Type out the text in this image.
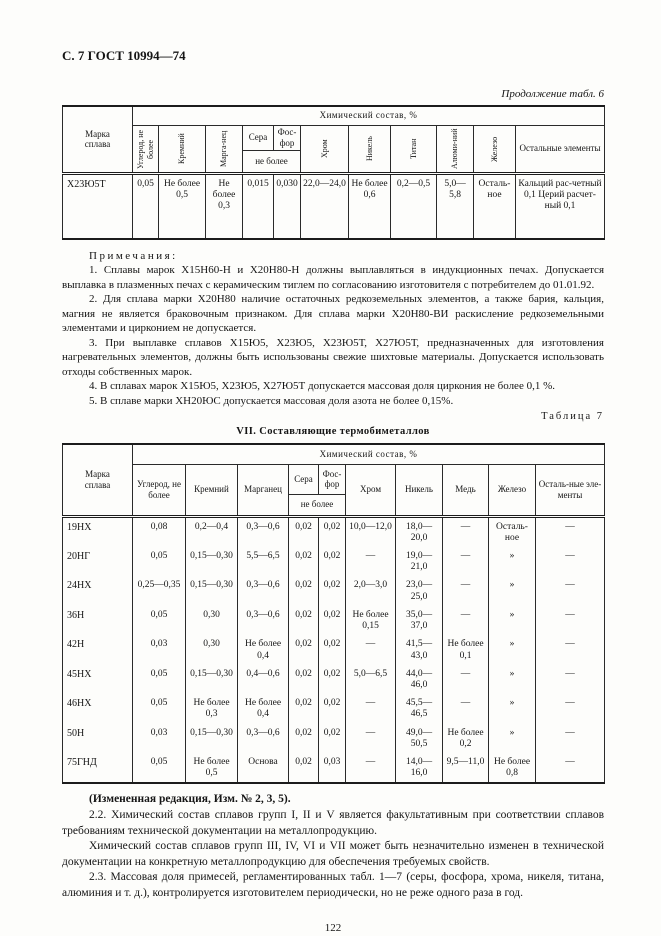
С. 7 ГОСТ 10994—74
Продолжение табл. 6
Марка сплава	Химический состав, %										

	Углерод, не более	Кремний	Марга-нец	Сера	Фос-фор	Хром	Никель	Титан	Алюми-ний	Железо	Остальные элементы
				не более							
Х23Ю5Т	0,05	Не более 0,5	Не более 0,3	0,015	0,030	22,0—24,0	Не более 0,6	0,2—0,5	5,0—5,8	Осталь-ное	Кальций рас-четный 0,1 Церий расчет-ный 0,1

Примечания:

1. Сплавы марок Х15Н60-Н и Х20Н80-Н должны выплавляться в индукционных печах. Допускается выплавка в плазменных печах с керамическим тиглем по согласованию изготовителя с потребителем до 01.01.92.

2. Для сплава марки Х20Н80 наличие остаточных редкоземельных элементов, а также бария, кальция, магния не является браковочным признаком. Для сплава марки Х20Н80-ВИ раскисление редкоземельными элементами и цирконием не допускается.

3. При выплавке сплавов Х15Ю5, Х23Ю5, Х23Ю5Т, Х27Ю5Т, предназначенных для изготовления нагревательных элементов, должны быть использованы свежие шихтовые материалы. Допускается использовать отходы собственных марок.

4. В сплавах марок Х15Ю5, Х23Ю5, Х27Ю5Т допускается массовая доля циркония не более 0,1 %.

5. В сплаве марки ХН20ЮС допускается массовая доля азота не более 0,15%.

Таблица 7
VII. Составляющие термобиметаллов
Марка сплава	Химический состав, %									
	Углерод, не более	Кремний	Марганец	Сера	Фос-фор	Хром	Никель	Медь	Железо	Осталь-ные эле-менты
				не более						
19НХ	0,08	0,2—0,4	0,3—0,6	0,02	0,02	10,0—12,0	18,0—20,0	—	Осталь-ное	—
20НГ	0,05	0,15—0,30	5,5—6,5	0,02	0,02	—	19,0—21,0	—	»	—
24НХ	0,25—0,35	0,15—0,30	0,3—0,6	0,02	0,02	2,0—3,0	23,0—25,0	—	»	—
36Н	0,05	0,30	0,3—0,6	0,02	0,02	Не более 0,15	35,0—37,0	—	»	—
42Н	0,03	0,30	Не более 0,4	0,02	0,02	—	41,5—43,0	Не более 0,1	»	—
45НХ	0,05	0,15—0,30	0,4—0,6	0,02	0,02	5,0—6,5	44,0—46,0	—	»	—
46НХ	0,05	Не более 0,3	Не более 0,4	0,02	0,02	—	45,5—46,5	—	»	—
50Н	0,03	0,15—0,30	0,3—0,6	0,02	0,02	—	49,0—50,5	Не более 0,2	»	—
75ГНД	0,05	Не более 0,5	Основа	0,02	0,03	—	14,0—16,0	9,5—11,0	Не более 0,8	—

(Измененная редакция, Изм. № 2, 3, 5).

2.2. Химический состав сплавов групп I, II и V является факультативным при соответствии сплавов требованиям технической документации на металлопродукцию.

Химический состав сплавов групп III, IV, VI и VII может быть незначительно изменен в технической документации на конкретную металлопродукцию для обеспечения требуемых свойств.

2.3. Массовая доля примесей, регламентированных табл. 1—7 (серы, фосфора, хрома, никеля, титана, алюминия и т. д.), контролируется изготовителем периодически, но не реже одного раза в год.

122
